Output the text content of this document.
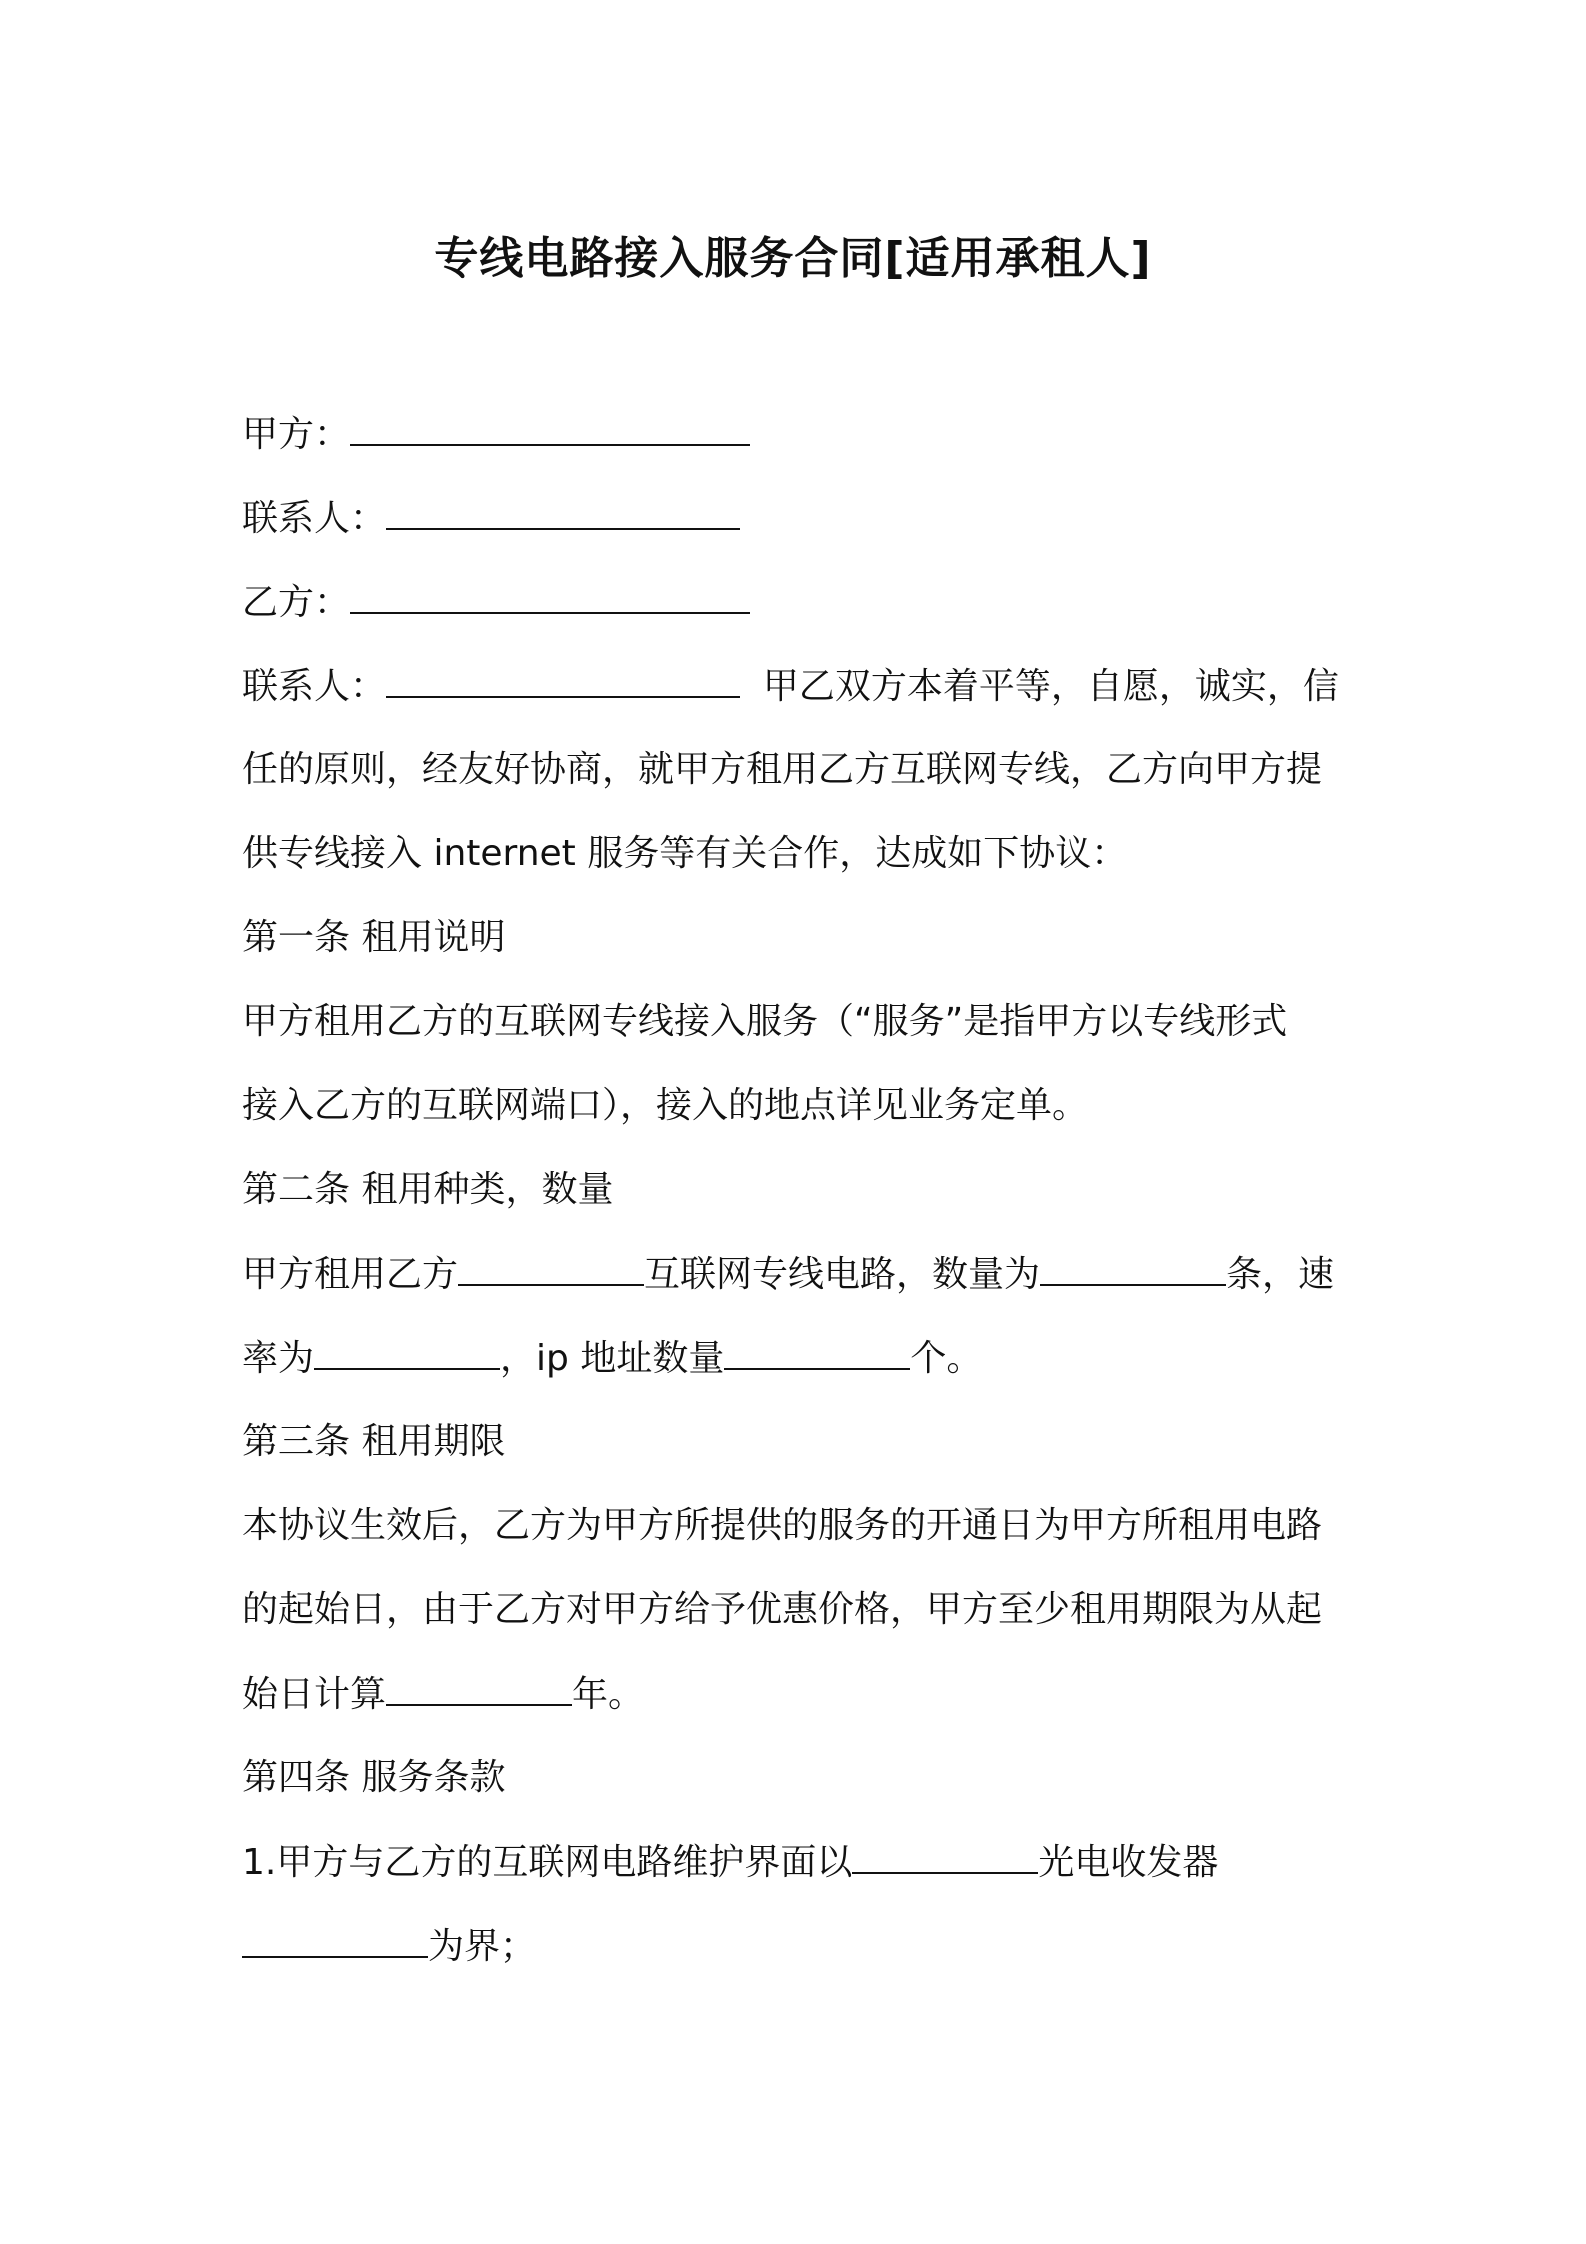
专线电路接入服务合同[适用承租人]
甲方：
联系人：
乙方：
联系人：	甲乙双方本着平等，自愿，诚实，信
任的原则，经友好协商，就甲方租用乙方互联网专线，乙方向甲方提
供专线接入 internet 服务等有关合作，达成如下协议：
第一条 租用说明
甲方租用乙方的互联网专线接入服务（“服务”是指甲方以专线形式
接入乙方的互联网端口），接入的地点详见业务定单。
第二条 租用种类，数量
甲方租用乙方	互联网专线电路，数量为	条，速
率为	，ip 地址数量	个。
第三条 租用期限
本协议生效后，乙方为甲方所提供的服务的开通日为甲方所租用电路
的起始日，由于乙方对甲方给予优惠价格，甲方至少租用期限为从起
始日计算	年。
第四条 服务条款
1.甲方与乙方的互联网电路维护界面以	光电收发器
为界；
